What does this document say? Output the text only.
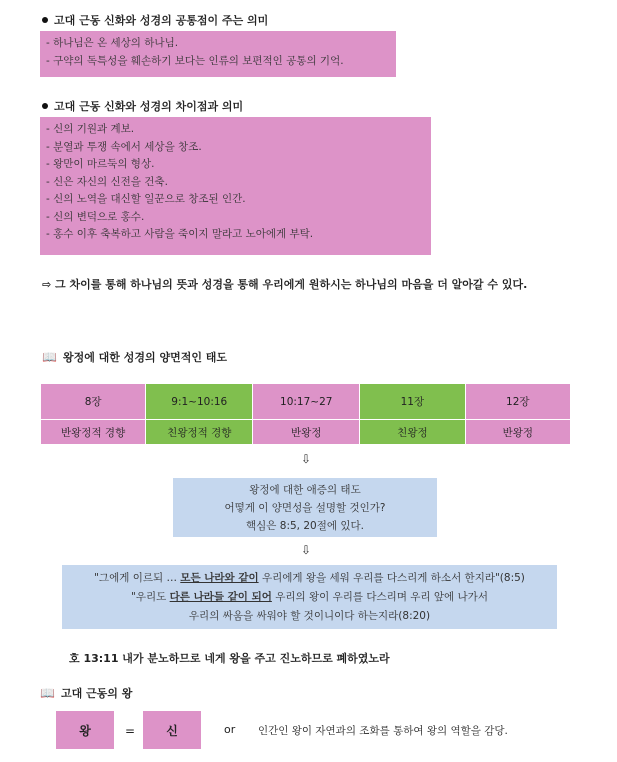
고대 근동 신화와 성경의 공통점이 주는 의미
- 하나님은 온 세상의 하나님.
- 구약의 독특성을 훼손하기 보다는 인류의 보편적인 공통의 기억.
고대 근동 신화와 성경의 차이점과 의미
- 신의 기원과 계보.
- 분열과 투쟁 속에서 세상을 창조.
- 왕만이 마르둑의 형상.
- 신은 자신의 신전을 건축.
- 신의 노역을 대신할 일꾼으로 창조된 인간.
- 신의 변덕으로 홍수.
- 홍수 이후 축복하고 사람을 죽이지 말라고 노아에게 부탁.
⇨ 그 차이를 통해 하나님의 뜻과 성경을 통해 우리에게 원하시는 하나님의 마음을 더 알아갈 수 있다.
📖 왕정에 대한 성경의 양면적인 태도
8장	9:1~10:16	10:17~27	11장	12장
반왕정적 경향	친왕정적 경향	반왕정	친왕정	반왕정
⇩
왕정에 대한 애증의 태도
어떻게 이 양면성을 설명할 것인가?
핵심은 8:5, 20절에 있다.
⇩
"그에게 이르되 … 모든 나라와 같이 우리에게 왕을 세워 우리를 다스리게 하소서 한지라"(8:5)
"우리도 다른 나라들 같이 되어 우리의 왕이 우리를 다스리며 우리 앞에 나가서
우리의 싸움을 싸워야 할 것이니이다 하는지라(8:20)
호 13:11 내가 분노하므로 네게 왕을 주고 진노하므로 폐하였노라
📖 고대 근동의 왕
왕	=	신	or 인간인 왕이 자연과의 조화를 통하여 왕의 역할을 감당.
